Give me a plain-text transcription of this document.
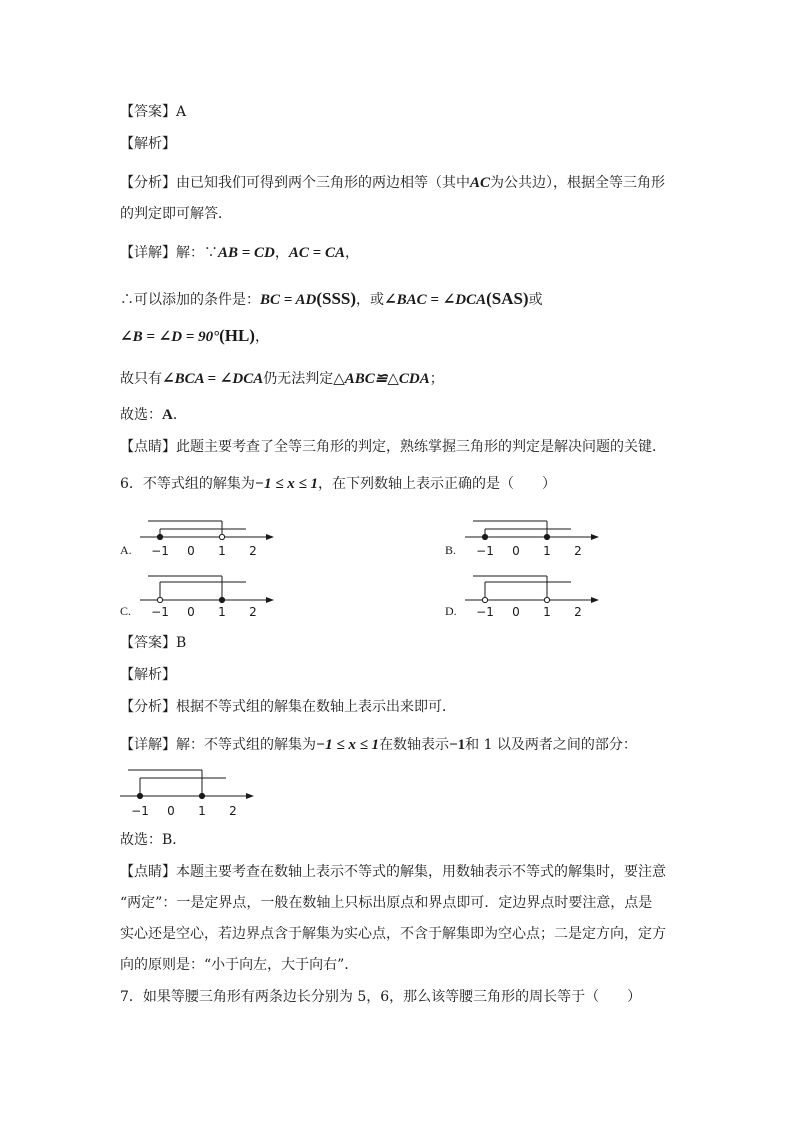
【答案】A
【解析】
【分析】由已知我们可得到两个三角形的两边相等（其中AC为公共边），根据全等三角形
的判定即可解答．
【详解】解：∵AB = CD，AC = CA，
∴可以添加的条件是：BC = AD(SSS)，或∠BAC = ∠DCA(SAS)或
∠B = ∠D = 90°(HL)，
故只有∠BCA = ∠DCA仍无法判定△ABC≌△CDA；
故选：A．
【点睛】此题主要考查了全等三角形的判定，熟练掌握三角形的判定是解决问题的关键．
6．不等式组的解集为−1 ≤ x ≤ 1，在下列数轴上表示正确的是（　　）
A. −1 0 1 2	B. −1 0 1 2
C. −1 0 1 2	D. −1 0 1 2
【答案】B
【解析】
【分析】根据不等式组的解集在数轴上表示出来即可．
【详解】解：不等式组的解集为−1 ≤ x ≤ 1在数轴表示−1和 1 以及两者之间的部分：
−1 0 1 2
故选：B．
【点睛】本题主要考查在数轴上表示不等式的解集，用数轴表示不等式的解集时，要注意
“两定”：一是定界点，一般在数轴上只标出原点和界点即可．定边界点时要注意，点是
实心还是空心，若边界点含于解集为实心点，不含于解集即为空心点；二是定方向，定方
向的原则是：“小于向左，大于向右”．
7．如果等腰三角形有两条边长分别为 5，6，那么该等腰三角形的周长等于（　　）
